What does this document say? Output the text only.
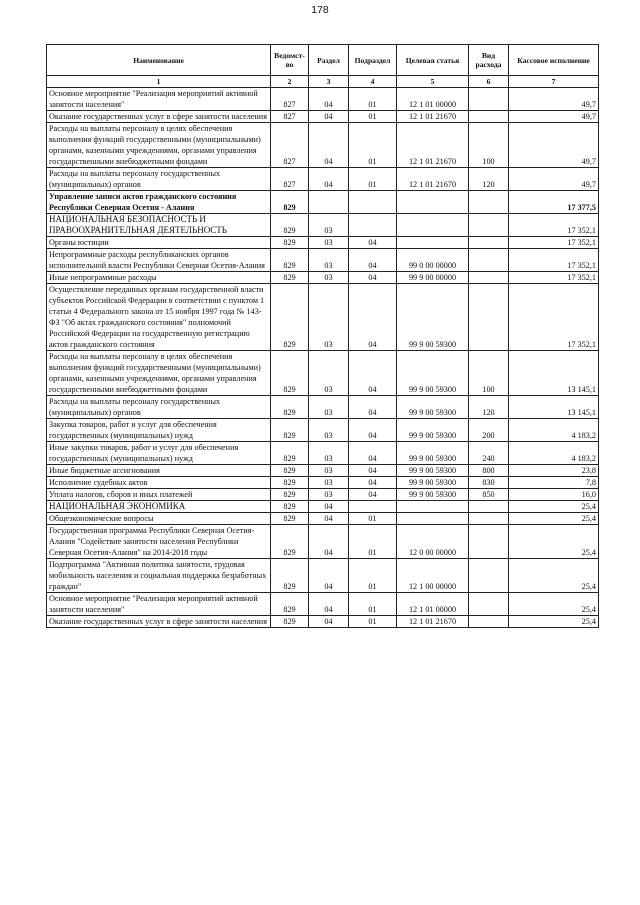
178
Наименование	Ведомст-во	Раздел	Подраздел	Целевая статья	Вид расхода	Кассовое исполнение
1	2	3	4	5	6	7
Основное мероприятие "Реализация мероприятий активной занятости населения"	827	04	01	12 1 01 00000		49,7
Оказание государственных услуг в сфере занятости населения	827	04	01	12 1 01 21670		49,7
Расходы на выплаты персоналу в целях обеспечения выполнения функций государственными (муниципальными) органами, казенными учреждениями, органами управления государственными внебюджетными фондами	827	04	01	12 1 01 21670	100	49,7
Расходы на выплаты персоналу государственных (муниципальных) органов	827	04	01	12 1 01 21670	120	49,7
Управление записи актов гражданского состояния Республики Северная Осетия - Алания	829					17 377,5
НАЦИОНАЛЬНАЯ БЕЗОПАСНОСТЬ И ПРАВООХРАНИТЕЛЬНАЯ ДЕЯТЕЛЬНОСТЬ	829	03				17 352,1
Органы юстиции	829	03	04			17 352,1
Непрограммные расходы республиканских органов исполнительной власти Республики Северная Осетия-Алания	829	03	04	99 0 00 00000		17 352,1
Иные непрограммные расходы	829	03	04	99 9 00 00000		17 352,1
Осуществление переданных органам государственной власти субъектов Российской Федерации в соответствии с пунктом 1 статьи 4 Федерального закона от 15 ноября 1997 года № 143-ФЗ "Об актах гражданского состояния" полномочий Российской Федерации на государственную регистрацию актов гражданского состояния	829	03	04	99 9 00 59300		17 352,1
Расходы на выплаты персоналу в целях обеспечения выполнения функций государственными (муниципальными) органами, казенными учреждениями, органами управления государственными внебюджетными фондами	829	03	04	99 9 00 59300	100	13 145,1
Расходы на выплаты персоналу государственных (муниципальных) органов	829	03	04	99 9 00 59300	120	13 145,1
Закупка товаров, работ и услуг для обеспечения государственных (муниципальных) нужд	829	03	04	99 9 00 59300	200	4 183,2
Иные закупки товаров, работ и услуг для обеспечения государственных (муниципальных) нужд	829	03	04	99 9 00 59300	240	4 183,2
Иные бюджетные ассигнования	829	03	04	99 9 00 59300	800	23,8
Исполнение судебных актов	829	03	04	99 9 00 59300	830	7,8
Уплата налогов, сборов и иных платежей	829	03	04	99 9 00 59300	850	16,0
НАЦИОНАЛЬНАЯ ЭКОНОМИКА	829	04				25,4
Общеэкономические вопросы	829	04	01			25,4
Государственная программа Республики Северная Осетия-Алания "Содействие занятости населения Республики Северная Осетия-Алания" на 2014-2018 годы	829	04	01	12 0 00 00000		25,4
Подпрограмма "Активная политика занятости, трудовая мобильность населения и социальная поддержка безработных граждан"	829	04	01	12 1 00 00000		25,4
Основное мероприятие "Реализация мероприятий активной занятости населения"	829	04	01	12 1 01 00000		25,4
Оказание государственных услуг в сфере занятости населения	829	04	01	12 1 01 21670		25,4
